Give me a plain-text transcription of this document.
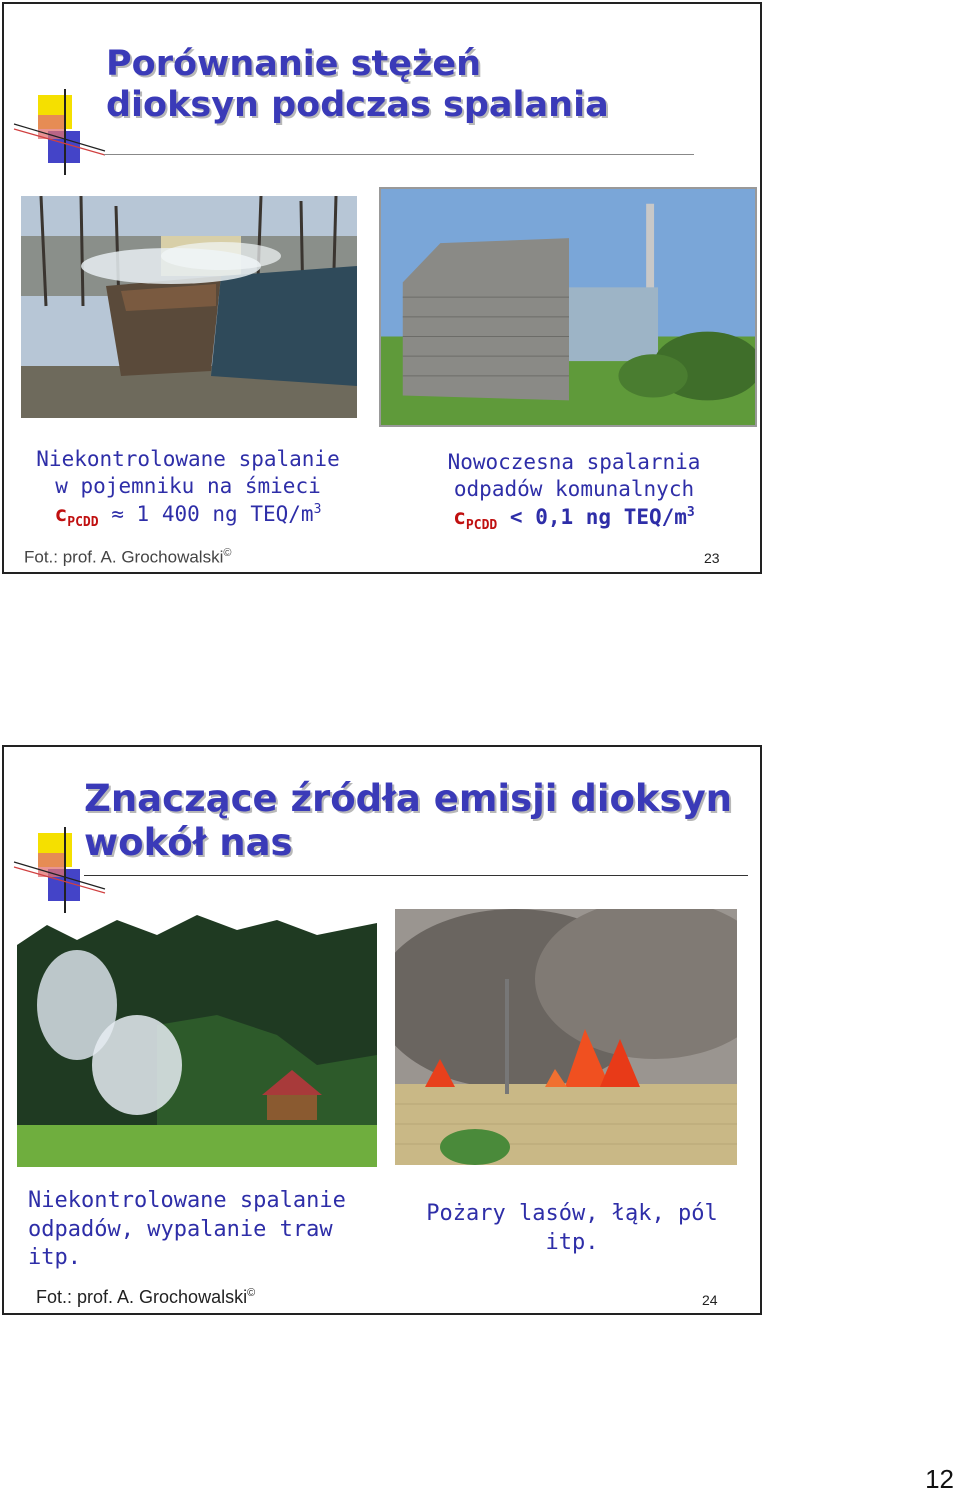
Porównanie stężeń
dioksyn podczas spalania
Niekontrolowane spalanie
w pojemniku na śmieci
$c_{PCDD} \approx 1$ 400 ng TEQ/$m^3$
Nowoczesna spalarnia
odpadów komunalnych
$c_{PCDD} < 0,1$ ng TEQ/$m^3$
Fot.: prof. A. Grochowalski©	23
Znaczące źródła emisji dioksyn
wokół nas
Niekontrolowane spalanie
odpadów, wypalanie traw
itp.
Pożary lasów, łąk, pól itp.
Fot.: prof. A. Grochowalski©	24
12
